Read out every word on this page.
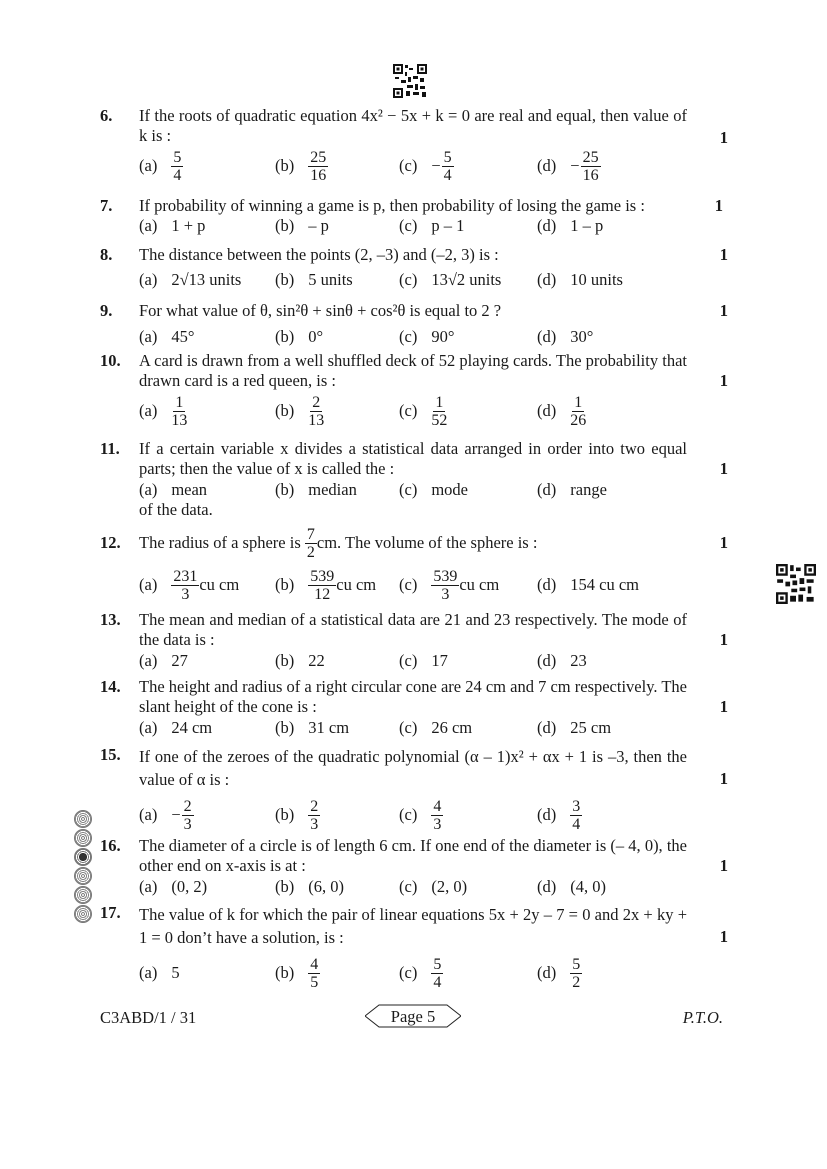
6. If the roots of quadratic equation 4x² − 5x + k = 0 are real and equal, then value of k is :	1
$(a) \frac{5}{4}$	$(b) \frac{25}{16}$	$(c) - \frac{5}{4}$	$(d) - \frac{25}{16}$
7. If probability of winning a game is p, then probability of losing the game is :	1
(a) 1 + p	(b) – p	(c) p – 1	(d) 1 – p
8. The distance between the points (2, –3) and (–2, 3) is :	1
(a) 2√13 units (b) 5 units	(c) 13√2 units (d) 10 units
9. For what value of θ, sin²θ + sinθ + cos²θ is equal to 2 ?	1
(a) 45°	(b) 0°	(c) 90°	(d) 30°
10. A card is drawn from a well shuffled deck of 52 playing cards. The probability that drawn card is a red queen, is :	1
$(a) \frac{1}{13}$	$(b) \frac{2}{13}$	$(c) \frac{1}{52}$	$(d) \frac{1}{26}$
11. If a certain variable x divides a statistical data arranged in order into two equal parts; then the value of x is called the :	1
(a) mean	(b) median	(c) mode	(d) range
of the data.
12. The radius of a sphere is
$\frac{7}{2}$ cm. The volume of the sphere is :	1
$(a) \frac{231}{3}$ cu cm $(b) \frac{539}{12}$ cu cm $(c) \frac{539}{3}$ cu cm (d) 154 cu cm
13. The mean and median of a statistical data are 21 and 23 respectively. The mode of the data is :	1
(a) 27	(b) 22	(c) 17	(d) 23
14. The height and radius of a right circular cone are 24 cm and 7 cm respectively. The slant height of the cone is :	1
(a) 24 cm	(b) 31 cm	(c) 26 cm	(d) 25 cm
15. If one of the zeroes of the quadratic polynomial (α – 1)x² + αx + 1 is –3, then the value of α is :	1
$(a) - \frac{2}{3}$	$(b) \frac{2}{3}$	$(c) \frac{4}{3}$	$(d) \frac{3}{4}$
16. The diameter of a circle is of length 6 cm. If one end of the diameter is (– 4, 0), the other end on x-axis is at :	1
(a) (0, 2)	(b) (6, 0)	(c) (2, 0)	(d) (4, 0)
17. The value of k for which the pair of linear equations 5x + 2y – 7 = 0 and 2x + ky + 1 = 0 don’t have a solution, is :	1
(a) 5	$(b) \frac{4}{5}$	$(c) \frac{5}{4}$	$(d) \frac{5}{2}$
C3ABD/1 / 31	Page 5	P.T.O.
